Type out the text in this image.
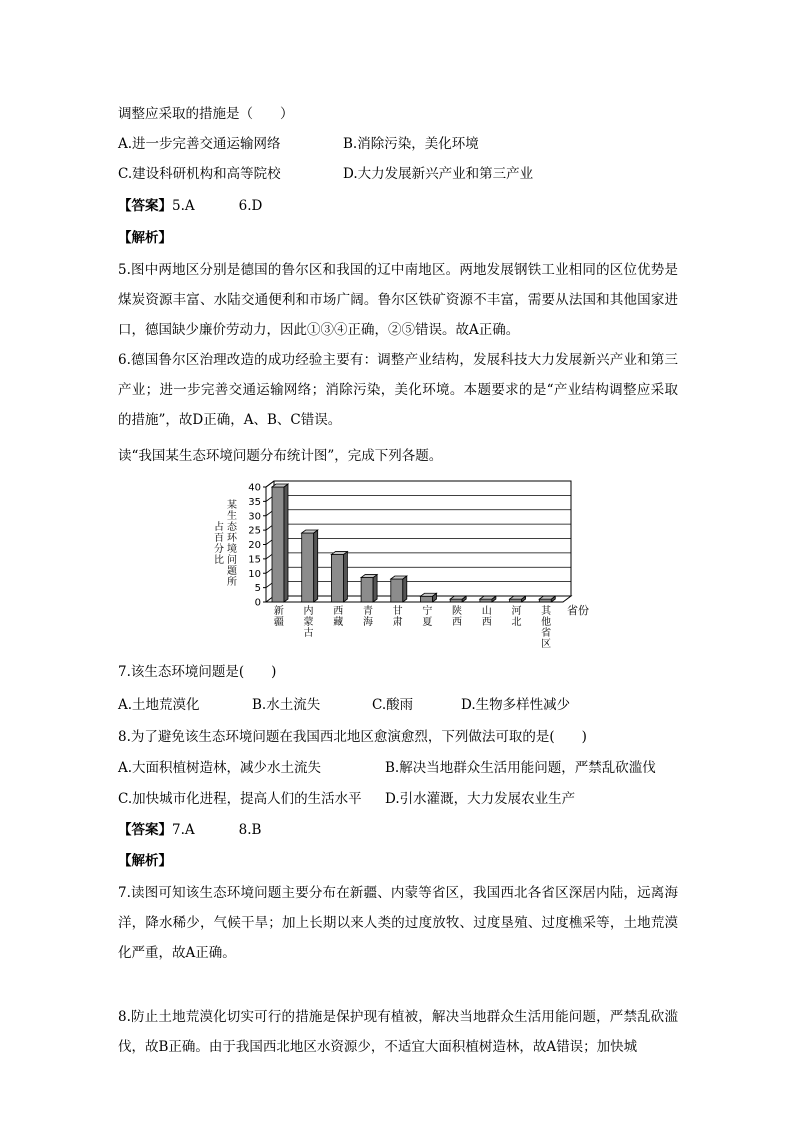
调整应采取的措施是（　　）
A.进一步完善交通运输网络	B.消除污染，美化环境
C.建设科研机构和高等院校	D.大力发展新兴产业和第三产业
【答案】5.A	6.D
【解析】
5.图中两地区分别是德国的鲁尔区和我国的辽中南地区。两地发展钢铁工业相同的区位优势是煤炭资源丰富、水陆交通便利和市场广阔。鲁尔区铁矿资源不丰富，需要从法国和其他国家进口，德国缺少廉价劳动力，因此①③④正确，②⑤错误。故A正确。
6.德国鲁尔区治理改造的成功经验主要有：调整产业结构，发展科技大力发展新兴产业和第三产业；进一步完善交通运输网络；消除污染，美化环境。本题要求的是“产业结构调整应采取的措施”，故D正确，A、B、C错误。
读“我国某生态环境问题分布统计图”，完成下列各题。
某
生
态
环
境
问
题
所
占
百
分
比
0
5
10
15
20
25
30
35
40
新
疆
内
蒙
古
西
藏
青
海
甘
肃
宁
夏
陕
西
山
西
河
北
其
他
省
区
省份
7.该生态环境问题是(　　)
A.土地荒漠化	B.水土流失	C.酸雨	D.生物多样性减少
8.为了避免该生态环境问题在我国西北地区愈演愈烈，下列做法可取的是(　　)
A.大面积植树造林，减少水土流失	B.解决当地群众生活用能问题，严禁乱砍滥伐
C.加快城市化进程，提高人们的生活水平 D.引水灌溉，大力发展农业生产
【答案】7.A	8.B
【解析】
7.读图可知该生态环境问题主要分布在新疆、内蒙等省区，我国西北各省区深居内陆，远离海洋，降水稀少，气候干旱；加上长期以来人类的过度放牧、过度垦殖、过度樵采等，土地荒漠化严重，故A正确。
8.防止土地荒漠化切实可行的措施是保护现有植被，解决当地群众生活用能问题，严禁乱砍滥伐，故B正确。由于我国西北地区水资源少，不适宜大面积植树造林，故A错误；加快城
